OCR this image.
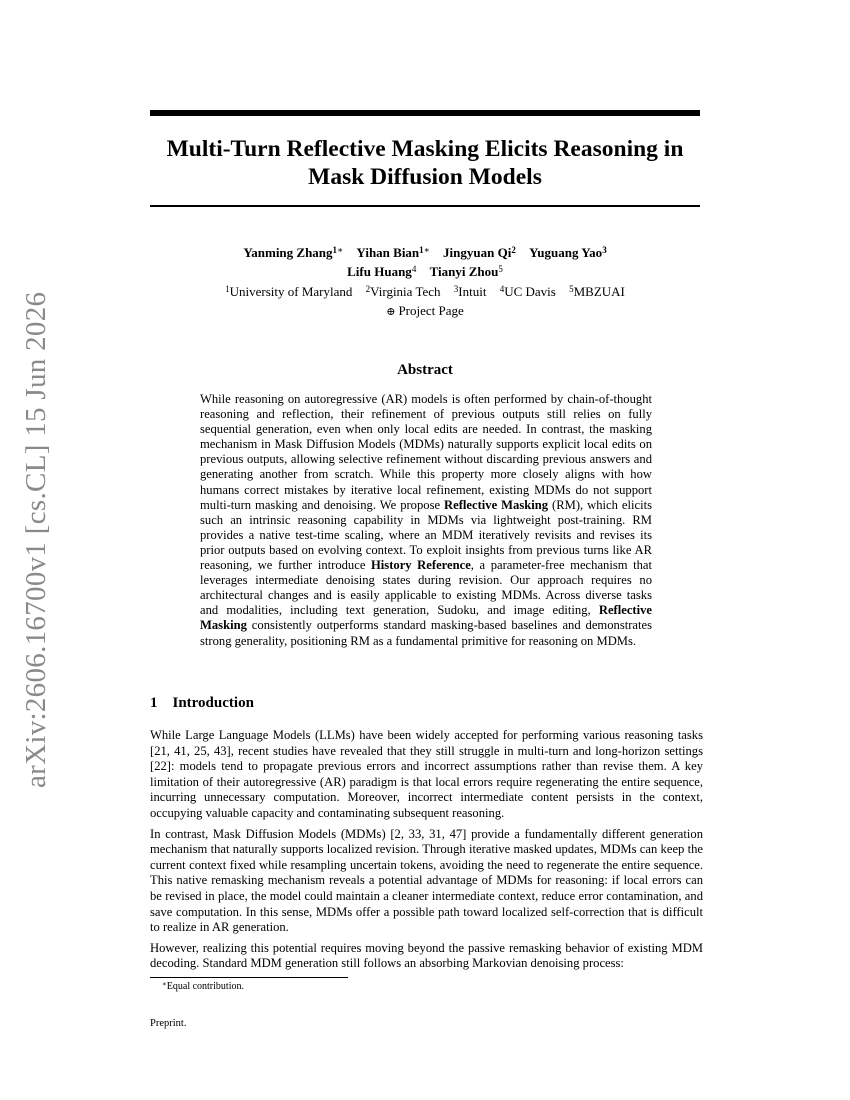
arXiv:2606.16700v1 [cs.CL] 15 Jun 2026
Multi-Turn Reflective Masking Elicits Reasoning in
Mask Diffusion Models
Yanming Zhang$^{1∗}$ Yihan Bian$^{1∗}$ Jingyuan Qi$^2$ Yuguang Yao$^3$
Lifu Huang$^4$ Tianyi Zhou$^5$
$^1$University of Maryland $^2$Virginia Tech $^3$Intuit $^4$UC Davis $^5$MBZUAI
⊕ Project Page
Abstract

While reasoning on autoregressive (AR) models is often performed by chain-of-thought reasoning and reflection, their refinement of previous outputs still relies on fully sequential generation, even when only local edits are needed. In contrast, the masking mechanism in Mask Diffusion Models (MDMs) naturally supports explicit local edits on previous outputs, allowing selective refinement without discarding previous answers and generating another from scratch. While this property more closely aligns with how humans correct mistakes by iterative local refinement, existing MDMs do not support multi-turn masking and denoising. We propose Reflective Masking (RM), which elicits such an intrinsic reasoning capability in MDMs via lightweight post-training. RM provides a native test-time scaling, where an MDM iteratively revisits and revises its prior outputs based on evolving context. To exploit insights from previous turns like AR reasoning, we further introduce History Reference, a parameter-free mechanism that leverages intermediate denoising states during revision. Our approach requires no architectural changes and is easily applicable to existing MDMs. Across diverse tasks and modalities, including text generation, Sudoku, and image editing, Reflective Masking consistently outperforms standard masking-based baselines and demonstrates strong generality, positioning RM as a fundamental primitive for reasoning on MDMs.

1 Introduction

While Large Language Models (LLMs) have been widely accepted for performing various reasoning tasks [21, 41, 25, 43], recent studies have revealed that they still struggle in multi-turn and long-horizon settings [22]: models tend to propagate previous errors and incorrect assumptions rather than revise them. A key limitation of their autoregressive (AR) paradigm is that local errors require regenerating the entire sequence, incurring unnecessary computation. Moreover, incorrect intermediate content persists in the context, occupying valuable capacity and contaminating subsequent reasoning.

In contrast, Mask Diffusion Models (MDMs) [2, 33, 31, 47] provide a fundamentally different generation mechanism that naturally supports localized revision. Through iterative masked updates, MDMs can keep the current context fixed while resampling uncertain tokens, avoiding the need to regenerate the entire sequence. This native remasking mechanism reveals a potential advantage of MDMs for reasoning: if local errors can be revised in place, the model could maintain a cleaner intermediate context, reduce error contamination, and save computation. In this sense, MDMs offer a possible path toward localized self-correction that is difficult to realize in AR generation.

However, realizing this potential requires moving beyond the passive remasking behavior of existing MDM decoding. Standard MDM generation still follows an absorbing Markovian denoising process:

∗Equal contribution.

Preprint.
